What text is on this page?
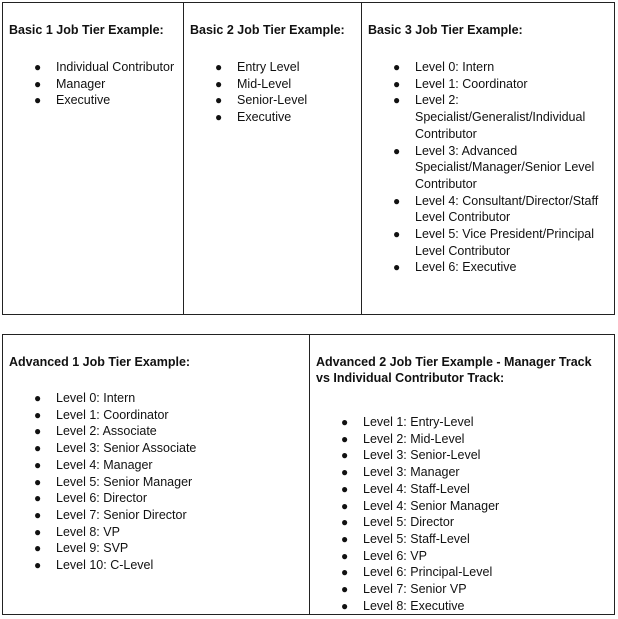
Basic 1 Job Tier Example:

● Individual Contributor
● Manager
● Executive

Basic 2 Job Tier Example:

● Entry Level
● Mid-Level
● Senior-Level
● Executive

Basic 3 Job Tier Example:

● Level 0: Intern
● Level 1: Coordinator
● Level 2: Specialist/Generalist/Individual Contributor
● Level 3: Advanced Specialist/Manager/Senior Level Contributor
● Level 4: Consultant/Director/Staff Level Contributor
● Level 5: Vice President/Principal Level Contributor
● Level 6: Executive

Advanced 1 Job Tier Example:

● Level 0: Intern
● Level 1: Coordinator
● Level 2: Associate
● Level 3: Senior Associate
● Level 4: Manager
● Level 5: Senior Manager
● Level 6: Director
● Level 7: Senior Director
● Level 8: VP
● Level 9: SVP
● Level 10: C-Level

Advanced 2 Job Tier Example - Manager Track vs Individual Contributor Track:

● Level 1: Entry-Level
● Level 2: Mid-Level
● Level 3: Senior-Level
● Level 3: Manager
● Level 4: Staff-Level
● Level 4: Senior Manager
● Level 5: Director
● Level 5: Staff-Level
● Level 6: VP
● Level 6: Principal-Level
● Level 7: Senior VP
● Level 8: Executive
